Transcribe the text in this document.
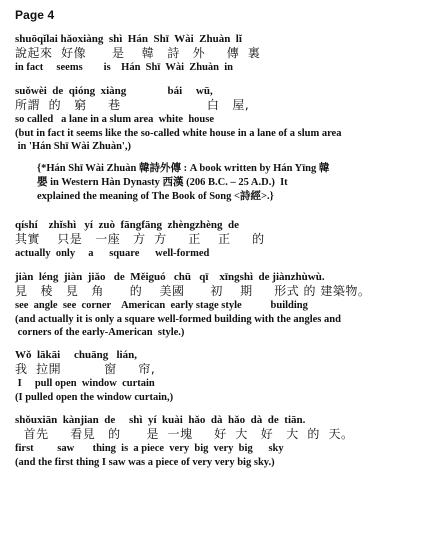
Page 4
shuōqǐlai hǎoxiàng  shì  Hán  Shī  Wài  Zhuàn  lǐ
說起來  好像      是    韓   詩   外     傳  裏
in fact     seems        is    Hán  Shī  Wài  Zhuàn  in
suǒwèi  de  qióng  xiàng               bái     wū,
所謂  的   窮     巷                    白   屋,
so called   a lane in a slum area  white  house
(but in fact it seems like the so-called white house in a lane of a slum area
in 'Hán Shī Wài Zhuàn',)
{*Hán Shī Wài Zhuàn 韓詩外傳 : A book written by Hán Yīng 韓
嬰 in Western Hàn Dynasty 西漢 (206 B.C. – 25 A.D.)  It
explained the meaning of The Book of Song <詩經>.}
qíshí    zhǐshì   yí  zuò  fāngfāng  zhèngzhèng  de
其實    只是   一座   方  方     正    正     的
actually  only     a      square      well-formed
jiàn  léng  jiàn  jiǎo   de  Měiguó   chū   qī    xīngshì  de jiànzhùwù.
見   稜   見   角      的    美國      初    期     形式 的 建築物。
see  angle  see  corner    American  early stage style           building
(and actually it is only a square well-formed building with the angles and
corners of the early-American  style.)
Wǒ  lākāi     chuāng   lián,
我  拉開          窗     帘,
I     pull open  window  curtain
(I pulled open the window curtain,)
shǒuxiān  kànjian  de     shì  yí  kuài  hǎo  dà  hǎo  dà  de  tiān.
首先     看見   的      是  一塊     好  大   好   大  的  天。
first         saw       thing  is  a piece  very  big  very  big      sky
(and the first thing I saw was a piece of very very big sky.)
